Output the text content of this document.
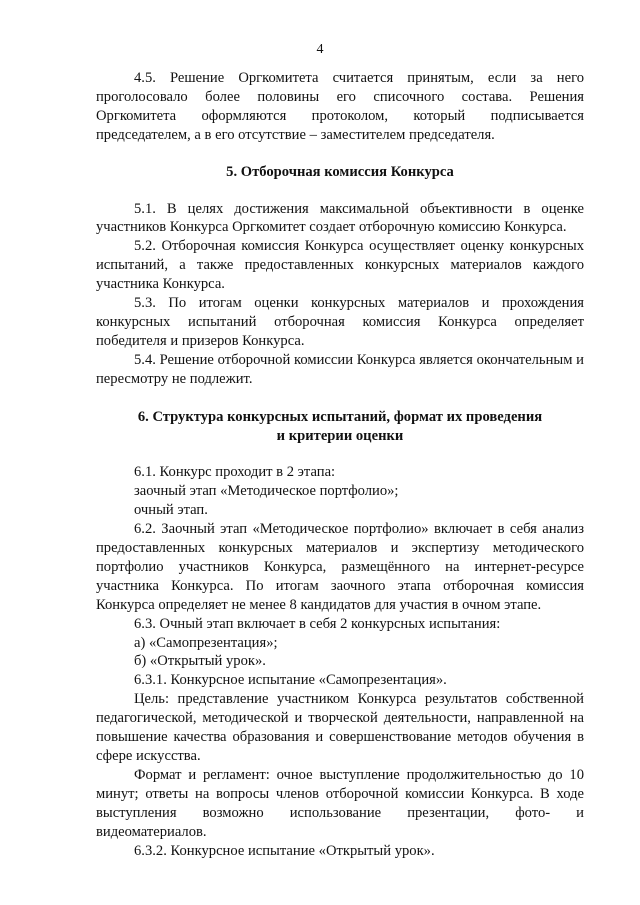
4

4.5. Решение Оргкомитета считается принятым, если за него проголосовало более половины его списочного состава. Решения Оргкомитета оформляются протоколом, который подписывается председателем, а в его отсутствие – заместителем председателя.

5. Отборочная комиссия Конкурса

5.1. В целях достижения максимальной объективности в оценке участников Конкурса Оргкомитет создает отборочную комиссию Конкурса.

5.2. Отборочная комиссия Конкурса осуществляет оценку конкурсных испытаний, а также предоставленных конкурсных материалов каждого участника Конкурса.

5.3. По итогам оценки конкурсных материалов и прохождения конкурсных испытаний отборочная комиссия Конкурса определяет победителя и призеров Конкурса.

5.4. Решение отборочной комиссии Конкурса является окончательным и пересмотру не подлежит.

6. Структура конкурсных испытаний, формат их проведения
и критерии оценки

6.1. Конкурс проходит в 2 этапа:

заочный этап «Методическое портфолио»;

очный этап.

6.2. Заочный этап «Методическое портфолио» включает в себя анализ предоставленных конкурсных материалов и экспертизу методического портфолио участников Конкурса, размещённого на интернет-ресурсе участника Конкурса. По итогам заочного этапа отборочная комиссия Конкурса определяет не менее 8 кандидатов для участия в очном этапе.

6.3. Очный этап включает в себя 2 конкурсных испытания:

а) «Самопрезентация»;

б) «Открытый урок».

6.3.1. Конкурсное испытание «Самопрезентация».

Цель: представление участником Конкурса результатов собственной педагогической, методической и творческой деятельности, направленной на повышение качества образования и совершенствование методов обучения в сфере искусства.

Формат и регламент: очное выступление продолжительностью до 10 минут; ответы на вопросы членов отборочной комиссии Конкурса. В ходе выступления возможно использование презентации, фото- и видеоматериалов.

6.3.2. Конкурсное испытание «Открытый урок».
